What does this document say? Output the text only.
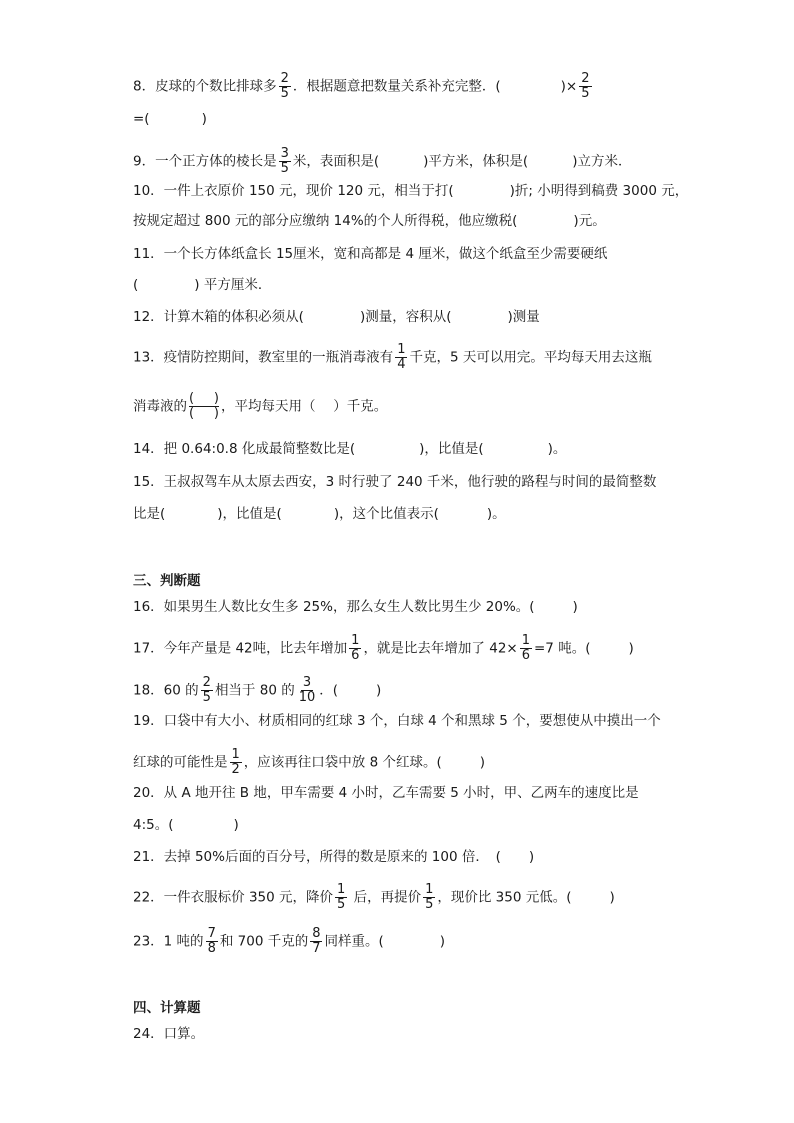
8．皮球的个数比排球多 $\frac{2}{5}$ ．根据题意把数量关系补充完整．(	)× $\frac{2}{5}$
=(	)
9．一个正方体的棱长是 $\frac{3}{5}$ 米，表面积是(	)平方米，体积是(	)立方米．
10．一件上衣原价 150 元，现价 120 元，相当于打(	)折; 小明得到稿费 3000 元，
按规定超过 800 元的部分应缴纳 14%的个人所得税，他应缴税(	)元。
11．一个长方体纸盒长 15厘米，宽和高都是 4 厘米，做这个纸盒至少需要硬纸
(	) 平方厘米．
12．计算木箱的体积必须从(	)测量，容积从(	)测量
13．疫情防控期间，教室里的一瓶消毒液有 $\frac{1}{4}$ 千克，5 天可以用完。平均每天用去这瓶
消毒液的 ( )
( ) ，平均每天用（　 ）千克。
14．把 0.64:0.8 化成最简整数比是(	)，比值是(	)。
15．王叔叔驾车从太原去西安，3 时行驶了 240 千米，他行驶的路程与时间的最简整数
比是(	)，比值是(	)，这个比值表示(	)。
三、判断题
16．如果男生人数比女生多 25%，那么女生人数比男生少 20%。(	)
17．今年产量是 42吨，比去年增加 $\frac{1}{6}$ ，就是比去年增加了 $42\times \frac{1}{6} =7$ 吨。(	)
18．60 的 $\frac{2}{5}$ 相当于 80 的 $\frac{3}{10}$ ．(	)
19．口袋中有大小、材质相同的红球 3 个，白球 4 个和黑球 5 个，要想使从中摸出一个
红球的可能性是 $\frac{1}{2}$ ，应该再往口袋中放 8 个红球。(	)
20．从 A 地开往 B 地，甲车需要 4 小时，乙车需要 5 小时，甲、乙两车的速度比是
4:5。(	)
21．去掉 50%后面的百分号，所得的数是原来的 100 倍．　( )
22．一件衣服标价 350 元，降价 $\frac{1}{5}$ 后，再提价 $\frac{1}{5}$ ，现价比 350 元低。(	)
23．1 吨的 $\frac{7}{8}$ 和 700 千克的 $\frac{8}{7}$ 同样重。(	)
四、计算题
24．口算。
